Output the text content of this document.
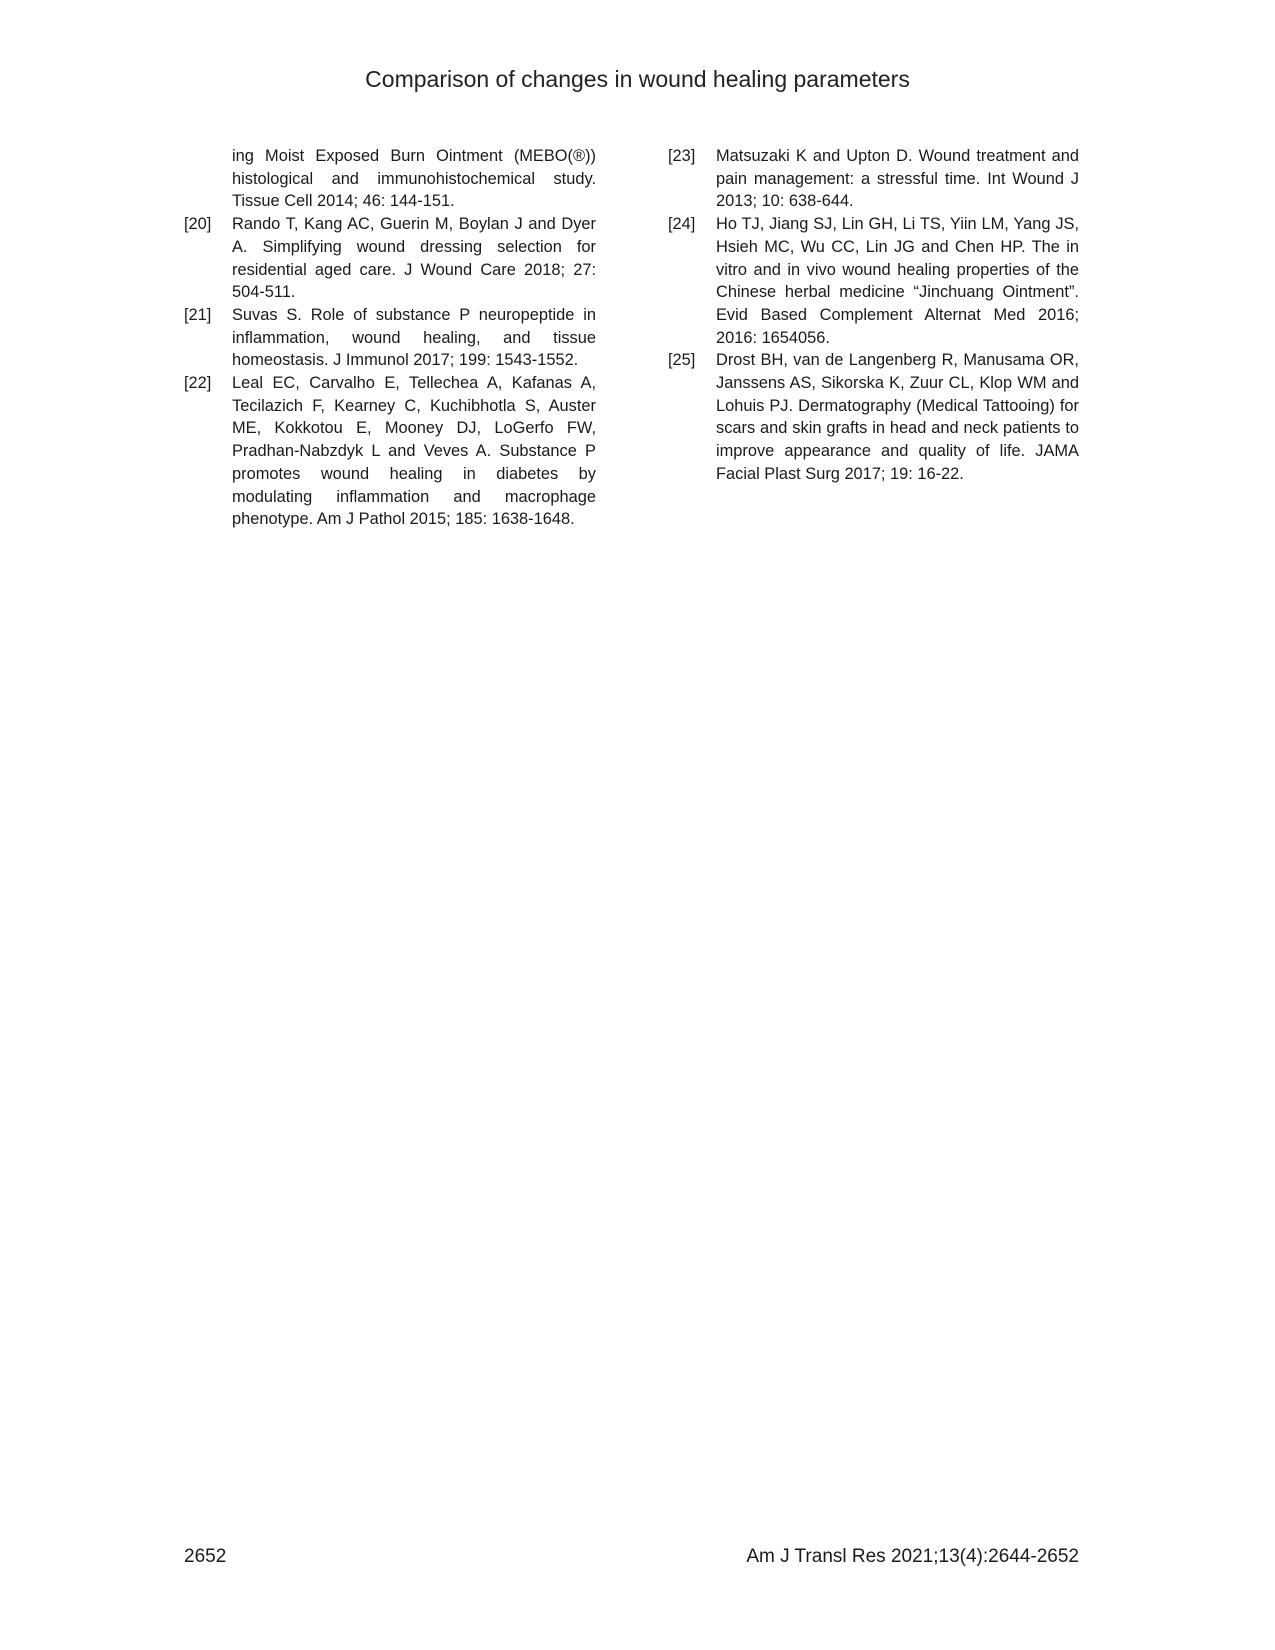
Comparison of changes in wound healing parameters
ing Moist Exposed Burn Ointment (MEBO(®)) histological and immunohistochemical study. Tissue Cell 2014; 46: 144-151.
[20]	Rando T, Kang AC, Guerin M, Boylan J and Dyer A. Simplifying wound dressing selection for residential aged care. J Wound Care 2018; 27: 504-511.
[21]	Suvas S. Role of substance P neuropeptide in inflammation, wound healing, and tissue homeostasis. J Immunol 2017; 199: 1543-1552.
[22]	Leal EC, Carvalho E, Tellechea A, Kafanas A, Tecilazich F, Kearney C, Kuchibhotla S, Auster ME, Kokkotou E, Mooney DJ, LoGerfo FW, Pradhan-Nabzdyk L and Veves A. Substance P promotes wound healing in diabetes by modulating inflammation and macrophage phenotype. Am J Pathol 2015; 185: 1638-1648.
[23]	Matsuzaki K and Upton D. Wound treatment and pain management: a stressful time. Int Wound J 2013; 10: 638-644.
[24]	Ho TJ, Jiang SJ, Lin GH, Li TS, Yiin LM, Yang JS, Hsieh MC, Wu CC, Lin JG and Chen HP. The in vitro and in vivo wound healing properties of the Chinese herbal medicine “Jinchuang Ointment”. Evid Based Complement Alternat Med 2016; 2016: 1654056.
[25]	Drost BH, van de Langenberg R, Manusama OR, Janssens AS, Sikorska K, Zuur CL, Klop WM and Lohuis PJ. Dermatography (Medical Tattooing) for scars and skin grafts in head and neck patients to improve appearance and quality of life. JAMA Facial Plast Surg 2017; 19: 16-22.
2652	Am J Transl Res 2021;13(4):2644-2652
